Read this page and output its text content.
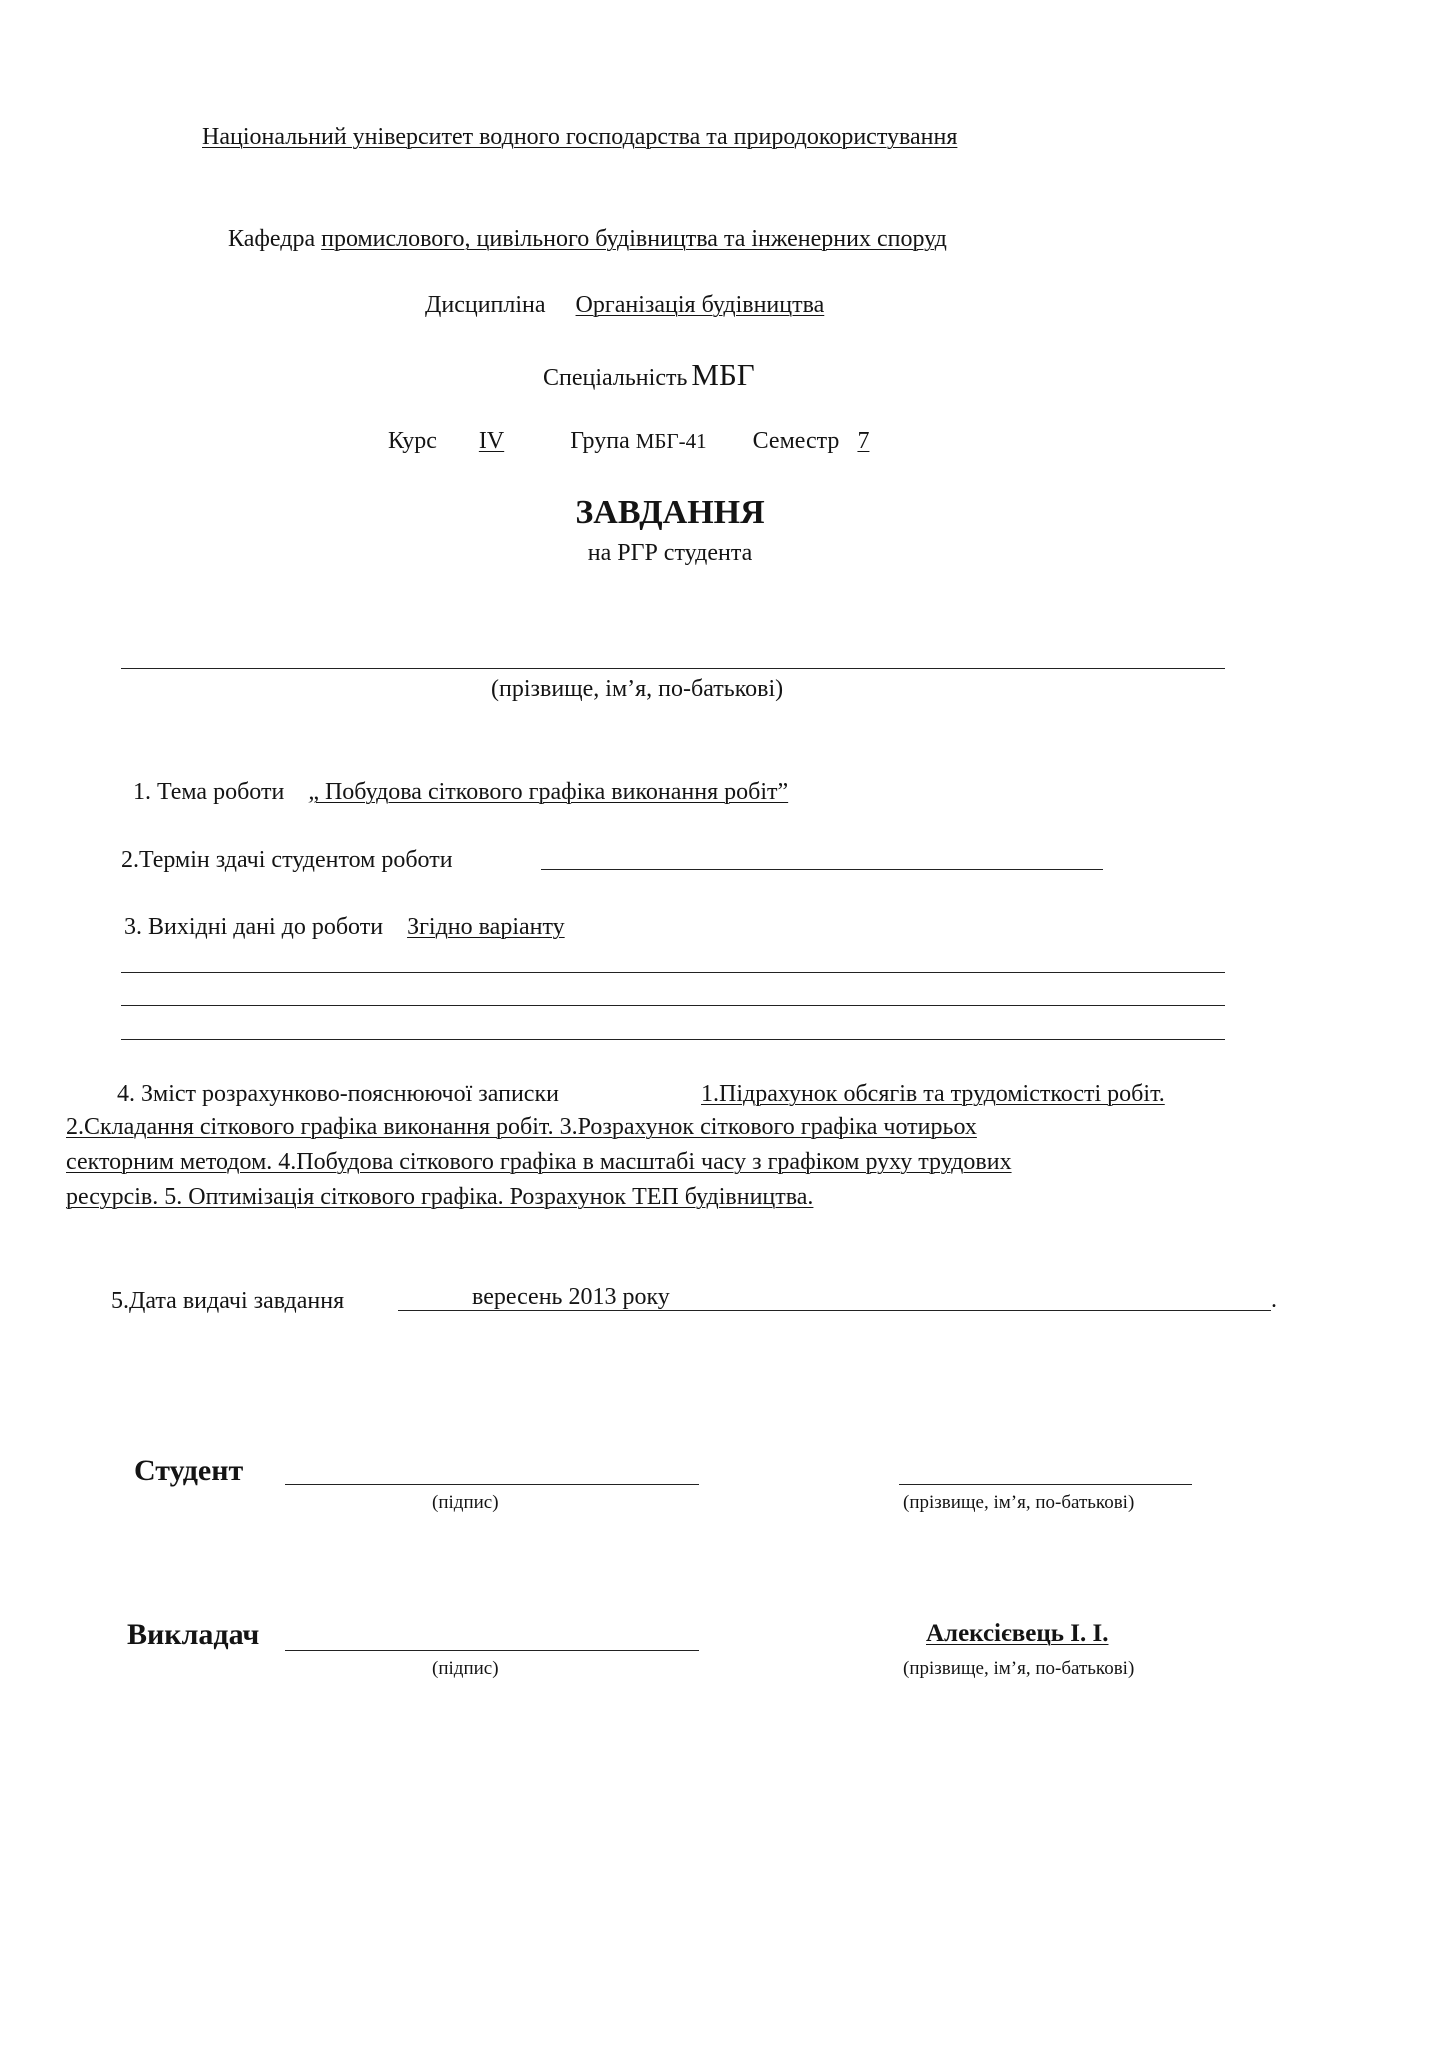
Національний університет водного господарства та природокористування
Кафедра промислового, цивільного будівництва та інженерних споруд
Дисципліна Організація будівництва
Спеціальність МБГ
Курс IV	Група МБГ-41 Семестр 7
ЗАВДАННЯ
на РГР студента
(прізвище, ім’я, по-батькові)
1. Тема роботи „ Побудова сіткового графіка виконання робіт”
2.Термін здачі студентом роботи
3. Вихідні дані до роботи Згідно варіанту
4. Зміст розрахунково-пояснюючої записки	1.Підрахунок обсягів та трудомісткості робіт.
2.Складання сіткового графіка виконання робіт. 3.Розрахунок сіткового графіка чотирьох
секторним методом. 4.Побудова сіткового графіка в масштабі часу з графіком руху трудових
ресурсів. 5. Оптимізація сіткового графіка. Розрахунок ТЕП будівництва.
5.Дата видачі завдання	вересень 2013 року	.
Студент
(підпис)	(прізвище, ім’я, по-батькові)
Викладач
(підпис)
Алексієвець І. І.
(прізвище, ім’я, по-батькові)
